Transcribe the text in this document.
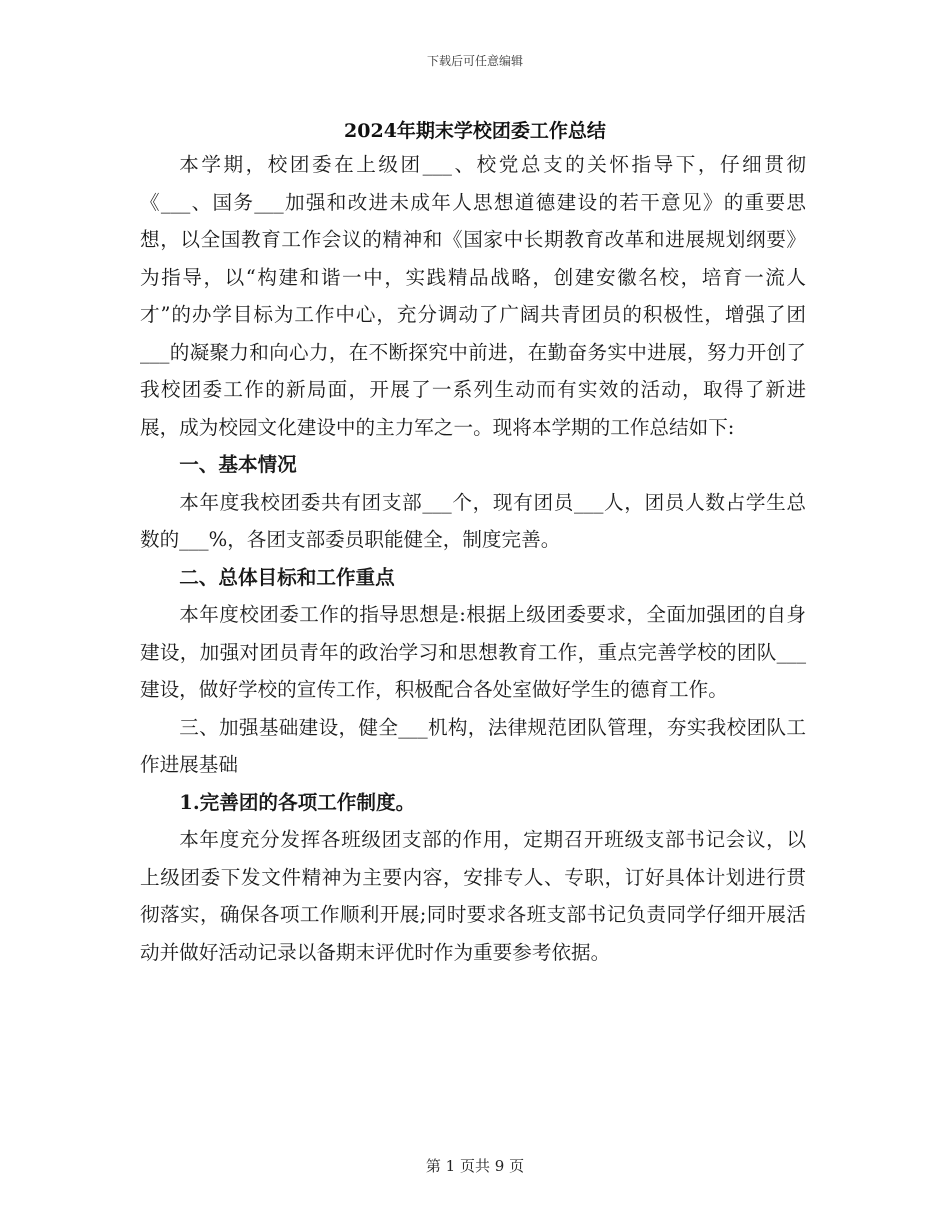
下载后可任意编辑
2024年期末学校团委工作总结

本学期，校团委在上级团___、校党总支的关怀指导下，仔细贯彻《___、国务___加强和改进未成年人思想道德建设的若干意见》的重要思想，以全国教育工作会议的精神和《国家中长期教育改革和进展规划纲要》为指导，以“构建和谐一中，实践精品战略，创建安徽名校，培育一流人才”的办学目标为工作中心，充分调动了广阔共青团员的积极性，增强了团___的凝聚力和向心力，在不断探究中前进，在勤奋务实中进展，努力开创了我校团委工作的新局面，开展了一系列生动而有实效的活动，取得了新进展，成为校园文化建设中的主力军之一。现将本学期的工作总结如下:

一、基本情况

本年度我校团委共有团支部___个，现有团员___人，团员人数占学生总数的___%，各团支部委员职能健全，制度完善。

二、总体目标和工作重点

本年度校团委工作的指导思想是:根据上级团委要求，全面加强团的自身建设，加强对团员青年的政治学习和思想教育工作，重点完善学校的团队___建设，做好学校的宣传工作，积极配合各处室做好学生的德育工作。

三、加强基础建设，健全___机构，法律规范团队管理，夯实我校团队工作进展基础

1.完善团的各项工作制度。

本年度充分发挥各班级团支部的作用，定期召开班级支部书记会议，以上级团委下发文件精神为主要内容，安排专人、专职，订好具体计划进行贯彻落实，确保各项工作顺利开展;同时要求各班支部书记负责同学仔细开展活动并做好活动记录以备期末评优时作为重要参考依据。

第 1 页共 9 页
